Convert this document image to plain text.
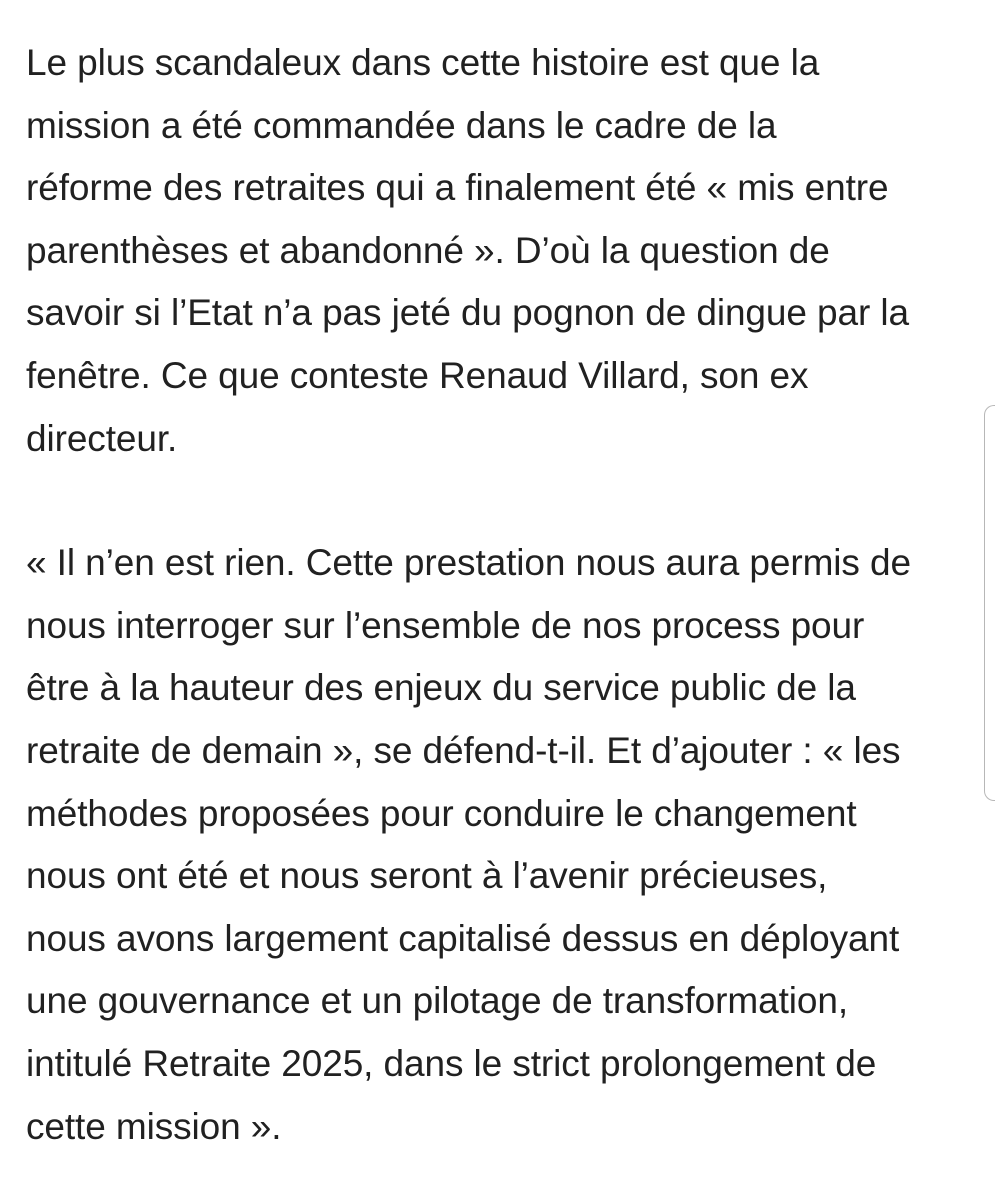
Le plus scandaleux dans cette histoire est que la
mission a été commandée dans le cadre de la
réforme des retraites qui a finalement été « mis entre
parenthèses et abandonné ». D’où la question de
savoir si l’Etat n’a pas jeté du pognon de dingue par la
fenêtre. Ce que conteste Renaud Villard, son ex
directeur.
« Il n’en est rien. Cette prestation nous aura permis de
nous interroger sur l’ensemble de nos process pour
être à la hauteur des enjeux du service public de la
retraite de demain », se défend-t-il. Et d’ajouter : « les
méthodes proposées pour conduire le changement
nous ont été et nous seront à l’avenir précieuses,
nous avons largement capitalisé dessus en déployant
une gouvernance et un pilotage de transformation,
intitulé Retraite 2025, dans le strict prolongement de
cette mission ».
